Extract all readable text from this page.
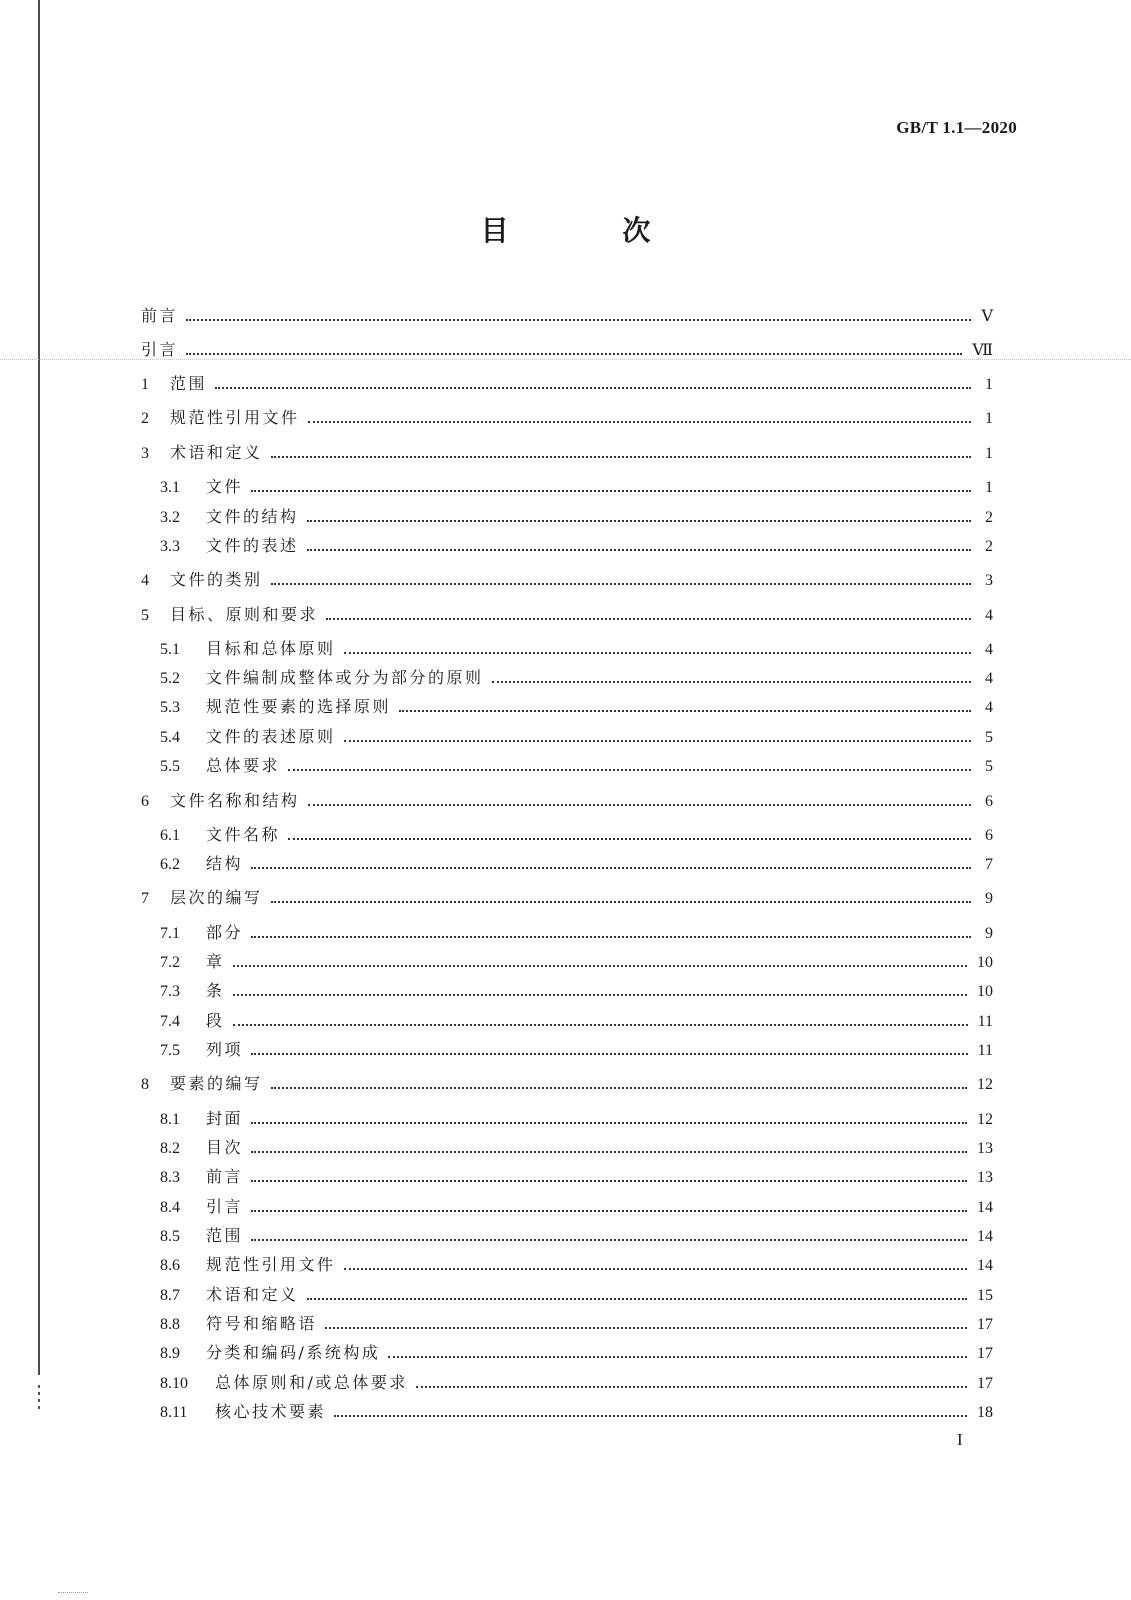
GB/T 1.1—2020
目 次
前言	Ⅴ
引言	Ⅶ
1	范围	1
2	规范性引用文件	1
3	术语和定义	1
3.1	文件	1
3.2	文件的结构	2
3.3	文件的表述	2
4	文件的类别	3
5	目标、原则和要求	4
5.1	目标和总体原则	4
5.2	文件编制成整体或分为部分的原则	4
5.3	规范性要素的选择原则	4
5.4	文件的表述原则	5
5.5	总体要求	5
6	文件名称和结构	6
6.1	文件名称	6
6.2	结构	7
7	层次的编写	9
7.1	部分	9
7.2	章	10
7.3	条	10
7.4	段	11
7.5	列项	11
8	要素的编写	12
8.1	封面	12
8.2	目次	13
8.3	前言	13
8.4	引言	14
8.5	范围	14
8.6	规范性引用文件	14
8.7	术语和定义	15
8.8	符号和缩略语	17
8.9	分类和编码/系统构成	17
8.10	总体原则和/或总体要求	17
8.11	核心技术要素	18
I
